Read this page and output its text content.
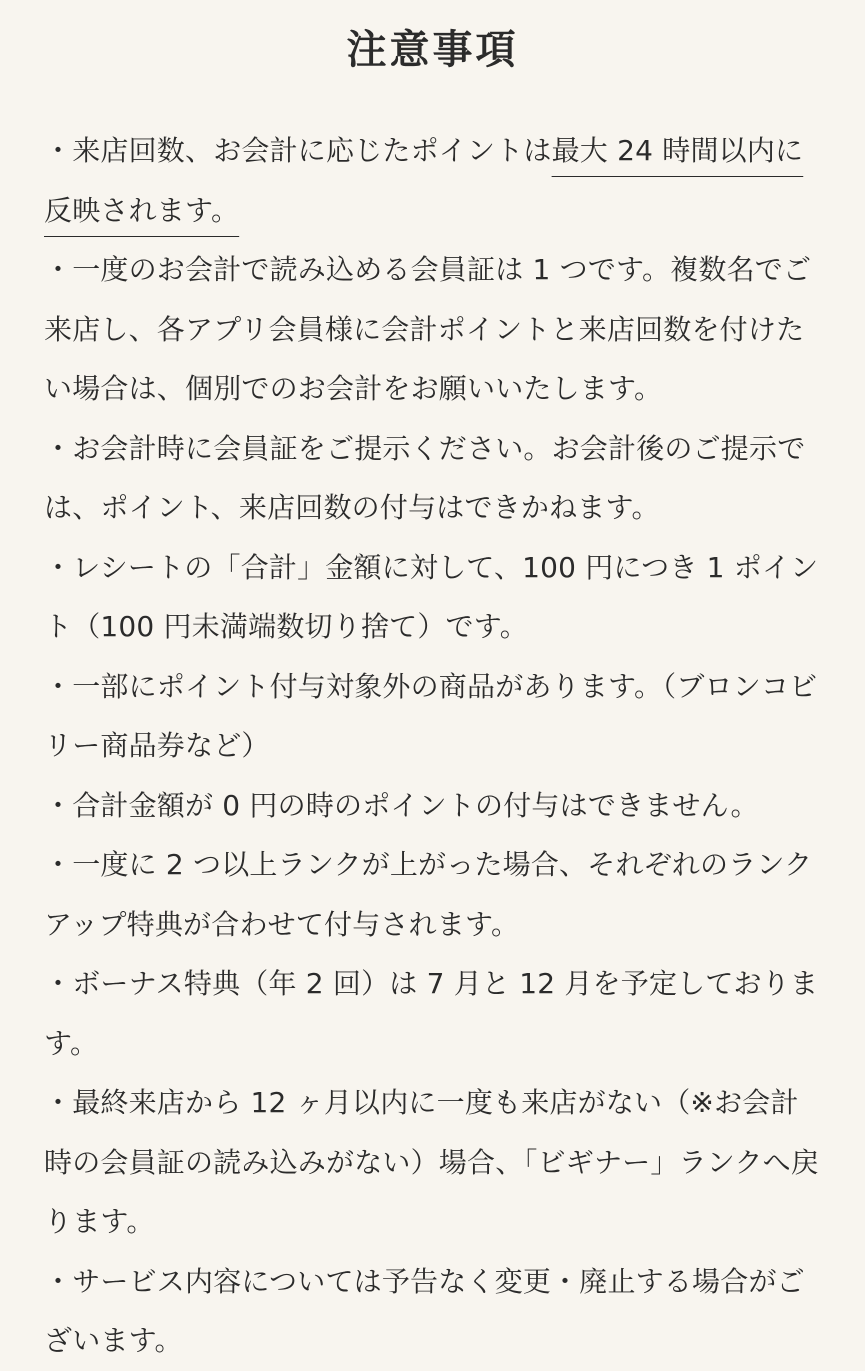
注意事項
・来店回数、お会計に応じたポイントは最大 24 時間以内に反映されます。
・一度のお会計で読み込める会員証は 1 つです。複数名でご来店し、各アプリ会員様に会計ポイントと来店回数を付けたい場合は、個別でのお会計をお願いいたします。
・お会計時に会員証をご提示ください。お会計後のご提示では、ポイント、来店回数の付与はできかねます。
・レシートの「合計」金額に対して、100 円につき 1 ポイント（100 円未満端数切り捨て）です。
・一部にポイント付与対象外の商品があります。（ブロンコビリー商品券など）
・合計金額が 0 円の時のポイントの付与はできません。
・一度に 2 つ以上ランクが上がった場合、それぞれのランクアップ特典が合わせて付与されます。
・ボーナス特典（年 2 回）は 7 月と 12 月を予定しております。
・最終来店から 12 ヶ月以内に一度も来店がない（※お会計時の会員証の読み込みがない）場合、「ビギナー」ランクへ戻ります。
・サービス内容については予告なく変更・廃止する場合がございます。
